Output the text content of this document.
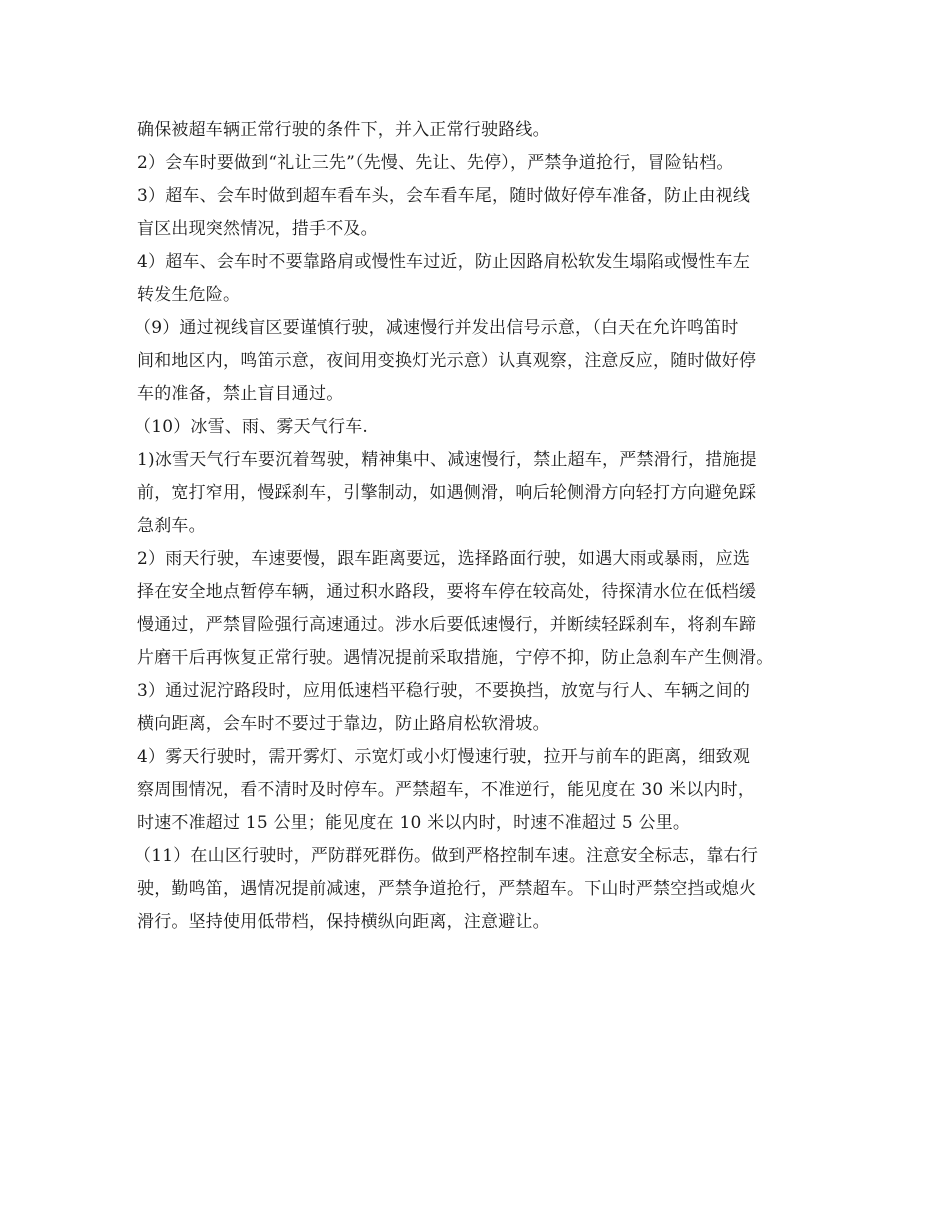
确保被超车辆正常行驶的条件下，并入正常行驶路线。

2）会车时要做到“礼让三先”（先慢、先让、先停），严禁争道抢行，冒险钻档。

3）超车、会车时做到超车看车头，会车看车尾，随时做好停车准备，防止由视线

盲区出现突然情况，措手不及。

4）超车、会车时不要靠路肩或慢性车过近，防止因路肩松软发生塌陷或慢性车左

转发生危险。

（9）通过视线盲区要谨慎行驶，减速慢行并发出信号示意，（白天在允许鸣笛时

间和地区内，鸣笛示意，夜间用变换灯光示意）认真观察，注意反应，随时做好停

车的准备，禁止盲目通过。

（10）冰雪、雨、雾天气行车.

1)冰雪天气行车要沉着驾驶，精神集中、减速慢行，禁止超车，严禁滑行，措施提

前，宽打窄用，慢踩刹车，引擎制动，如遇侧滑，响后轮侧滑方向轻打方向避免踩

急刹车。

2）雨天行驶，车速要慢，跟车距离要远，选择路面行驶，如遇大雨或暴雨，应选

择在安全地点暂停车辆，通过积水路段，要将车停在较高处，待探清水位在低档缓

慢通过，严禁冒险强行高速通过。涉水后要低速慢行，并断续轻踩刹车，将刹车蹄

片磨干后再恢复正常行驶。遇情况提前采取措施，宁停不抑，防止急刹车产生侧滑。

3）通过泥泞路段时，应用低速档平稳行驶，不要换挡，放宽与行人、车辆之间的

横向距离，会车时不要过于靠边，防止路肩松软滑坡。

4）雾天行驶时，需开雾灯、示宽灯或小灯慢速行驶，拉开与前车的距离，细致观

察周围情况，看不清时及时停车。严禁超车，不准逆行，能见度在 30 米以内时，

时速不准超过 15 公里；能见度在 10 米以内时，时速不准超过 5 公里。

（11）在山区行驶时，严防群死群伤。做到严格控制车速。注意安全标志，靠右行

驶，勤鸣笛，遇情况提前减速，严禁争道抢行，严禁超车。下山时严禁空挡或熄火

滑行。坚持使用低带档，保持横纵向距离，注意避让。
